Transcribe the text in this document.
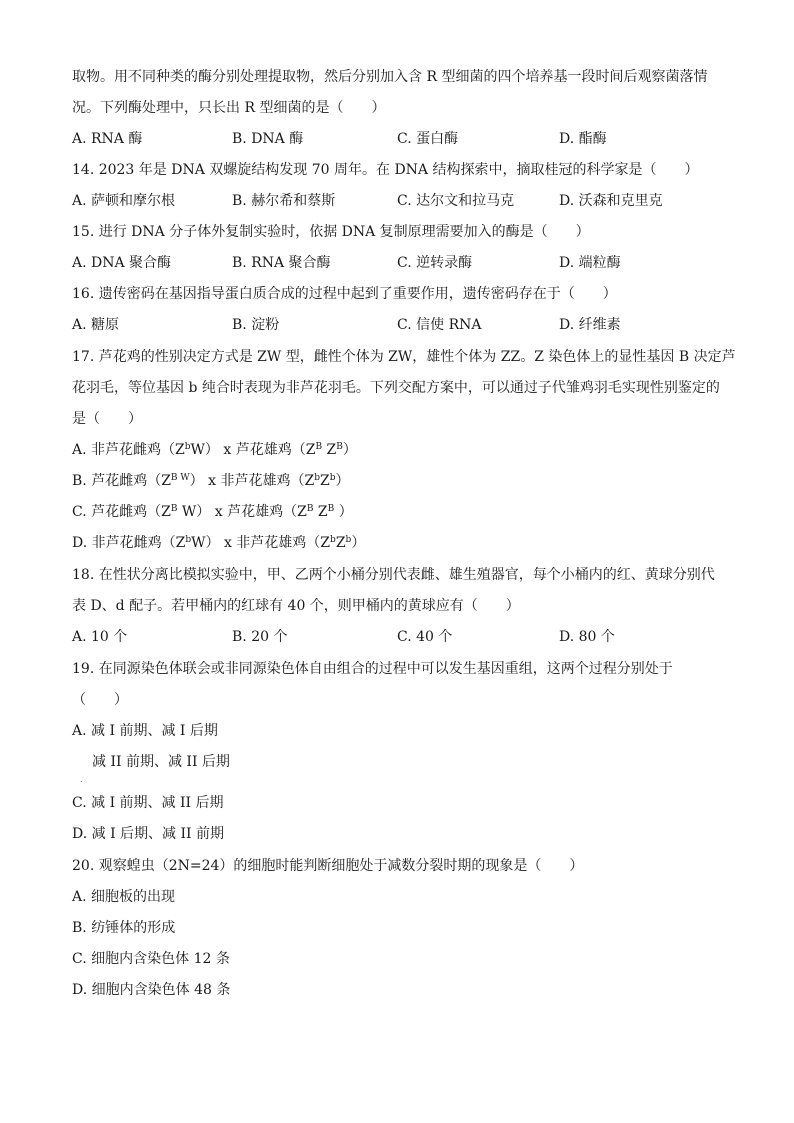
取物。用不同种类的酶分别处理提取物，然后分别加入含 R 型细菌的四个培养基一段时间后观察菌落情
况。下列酶处理中，只长出 R 型细菌的是（　　）
A. RNA 酶	B. DNA 酶	C. 蛋白酶	D. 酯酶
14. 2023 年是 DNA 双螺旋结构发现 70 周年。在 DNA 结构探索中，摘取桂冠的科学家是（　　）
A. 萨顿和摩尔根	B. 赫尔希和蔡斯	C. 达尔文和拉马克	D. 沃森和克里克
15. 进行 DNA 分子体外复制实验时，依据 DNA 复制原理需要加入的酶是（　　）
A. DNA 聚合酶	B. RNA 聚合酶	C. 逆转录酶	D. 端粒酶
16. 遗传密码在基因指导蛋白质合成的过程中起到了重要作用，遗传密码存在于（　　）
A. 糖原	B. 淀粉	C. 信使 RNA	D. 纤维素
17. 芦花鸡的性别决定方式是 ZW 型，雌性个体为 ZW，雄性个体为 ZZ。Z 染色体上的显性基因 B 决定芦
花羽毛，等位基因 b 纯合时表现为非芦花羽毛。下列交配方案中，可以通过子代雏鸡羽毛实现性别鉴定的
是（　　）
A. 非芦花雌鸡$(Z^bW)$ x 芦花雄鸡（$Z^B$ $Z^B$）
B. 芦花雌鸡$(Z^{B W})$ x 非芦花雄鸡$(Z^bZ^b)$
C. 芦花雌鸡（$Z^B$ W） x 芦花雄鸡（$Z^B$ $Z^B$ ）
D. 非芦花雌鸡$(Z^bW)$ x 非芦花雄鸡$(Z^bZ^b)$
18. 在性状分离比模拟实验中，甲、乙两个小桶分别代表雌、雄生殖器官，每个小桶内的红、黄球分别代
表 D、d 配子。若甲桶内的红球有 40 个，则甲桶内的黄球应有（　　）
A. 10 个	B. 20 个	C. 40 个	D. 80 个
19. 在同源染色体联会或非同源染色体自由组合的过程中可以发生基因重组，这两个过程分别处于
（　　）
A. 减 I 前期、减 I 后期
减 II 前期、减 II 后期
.
C. 减 I 前期、减 II 后期
D. 减 I 后期、减 II 前期
20. 观察蝗虫（2N=24）的细胞时能判断细胞处于减数分裂时期的现象是（　　）
A. 细胞板的出现
B. 纺锤体的形成
C. 细胞内含染色体 12 条
D. 细胞内含染色体 48 条
